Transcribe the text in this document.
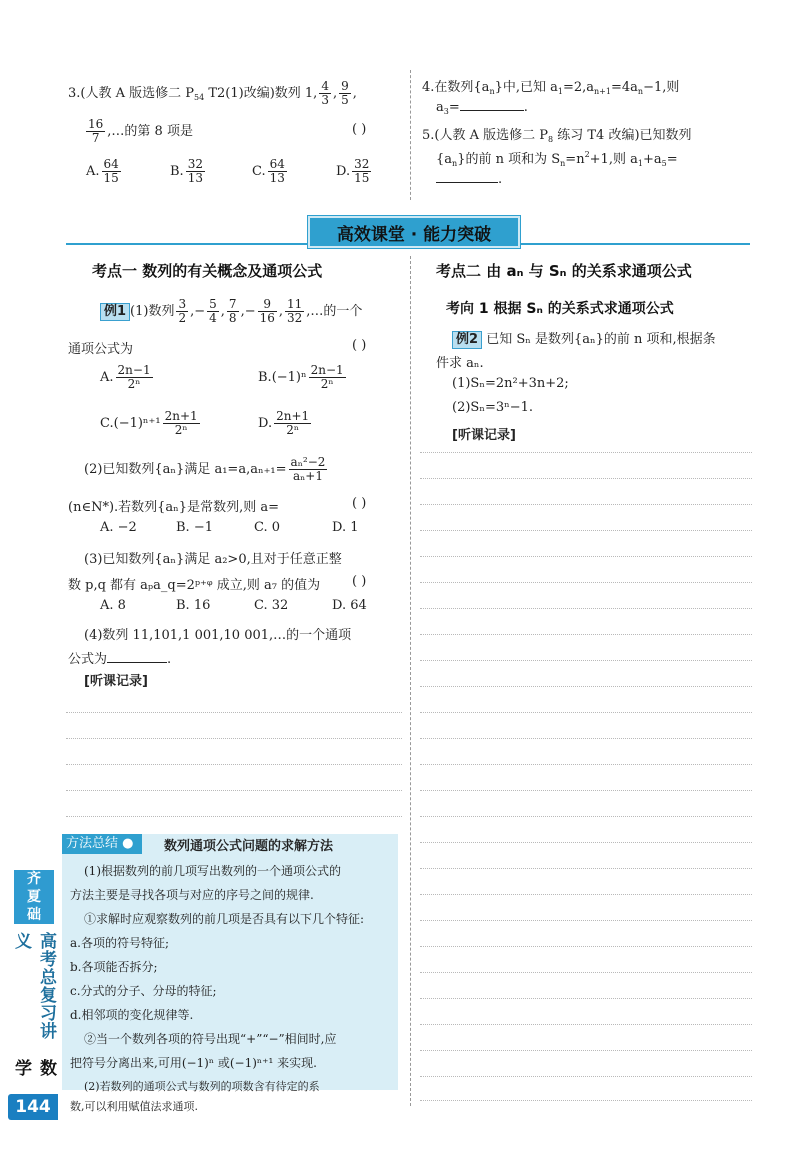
3.(人教 A 版选修二 $P_{54}$ T2(1)改编)数列 1, $\frac{4}{3}$ , $\frac{9}{5}$ ,
$\frac{16}{7}$ ,…的第 8 项是	( )
A. $\frac{64}{15}$	B. $\frac{32}{13}$	C. $\frac{64}{13}$	D. $\frac{32}{15}$
4.在数列$\{a_n\}$中,已知 $a_1=2,a_{n+1}=4a_n-1$,则
$a_3=$	.
5.(人教 A 版选修二 $P_8$ 练习 T4 改编)已知数列
$\{a_n\}$的前 n 项和为 $S_n=n^2+1$,则 $a_1+a_5=$
.
高效课堂 · 能力突破
考点一 数列的有关概念及通项公式
例1 (1)数列 $\frac{3}{2}$ ,− $\frac{5}{4}$ , $\frac{7}{8}$ ,− $\frac{9}{16}$ , $\frac{11}{32}$ ,…的一个
通项公式为	( )
A. $\frac{2n-1}{\text{2ⁿ}}$	$B.(-1)^n \frac{2n-1}{\text{2ⁿ}}$
$C.(-1)^{n+1} \frac{2n+1}{\text{2ⁿ}}$	D. $\frac{2n+1}{\text{2ⁿ}}$
(2)已知数列{aₙ}满足 $a_1=a,a_{n+1}= \frac{\text{aₙ²−2}}{\text{aₙ+1}}$
(n∈N*).若数列{aₙ}是常数列,则 a=	( )
A. −2	B. −1	C. 0	D. 1
(3)已知数列{aₙ}满足 a₂>0,且对于任意正整
数 p,q 都有 aₚa_q=2ᵖ⁺ᵠ 成立,则 a₇ 的值为 ( )
A. 8	B. 16	C. 32	D. 64
(4)数列 11,101,1 001,10 001,…的一个通项
公式为	.
[听课记录]
方法总结 ●	数列通项公式问题的求解方法
(1)根据数列的前几项写出数列的一个通项公式的
方法主要是寻找各项与对应的序号之间的规律.
①求解时应观察数列的前几项是否具有以下几个特征:
a.各项的符号特征;
b.各项能否拆分;
c.分式的分子、分母的特征;
d.相邻项的变化规律等.
②当一个数列各项的符号出现“+”“−”相间时,应
把符号分离出来,可用(−1)ⁿ 或(−1)ⁿ⁺¹ 来实现.
(2)若数列的通项公式与数列的项数含有待定的系
数,可以利用赋值法求通项.
考点二 由 aₙ 与 Sₙ 的关系求通项公式
考向 1 根据 Sₙ 的关系式求通项公式
例2 已知 Sₙ 是数列{aₙ}的前 n 项和,根据条
件求 aₙ.
(1)Sₙ=2n²+3n+2;
(2)Sₙ=3ⁿ−1.
[听课记录]
齐
夏
础
高考总复习讲义
数学
144
